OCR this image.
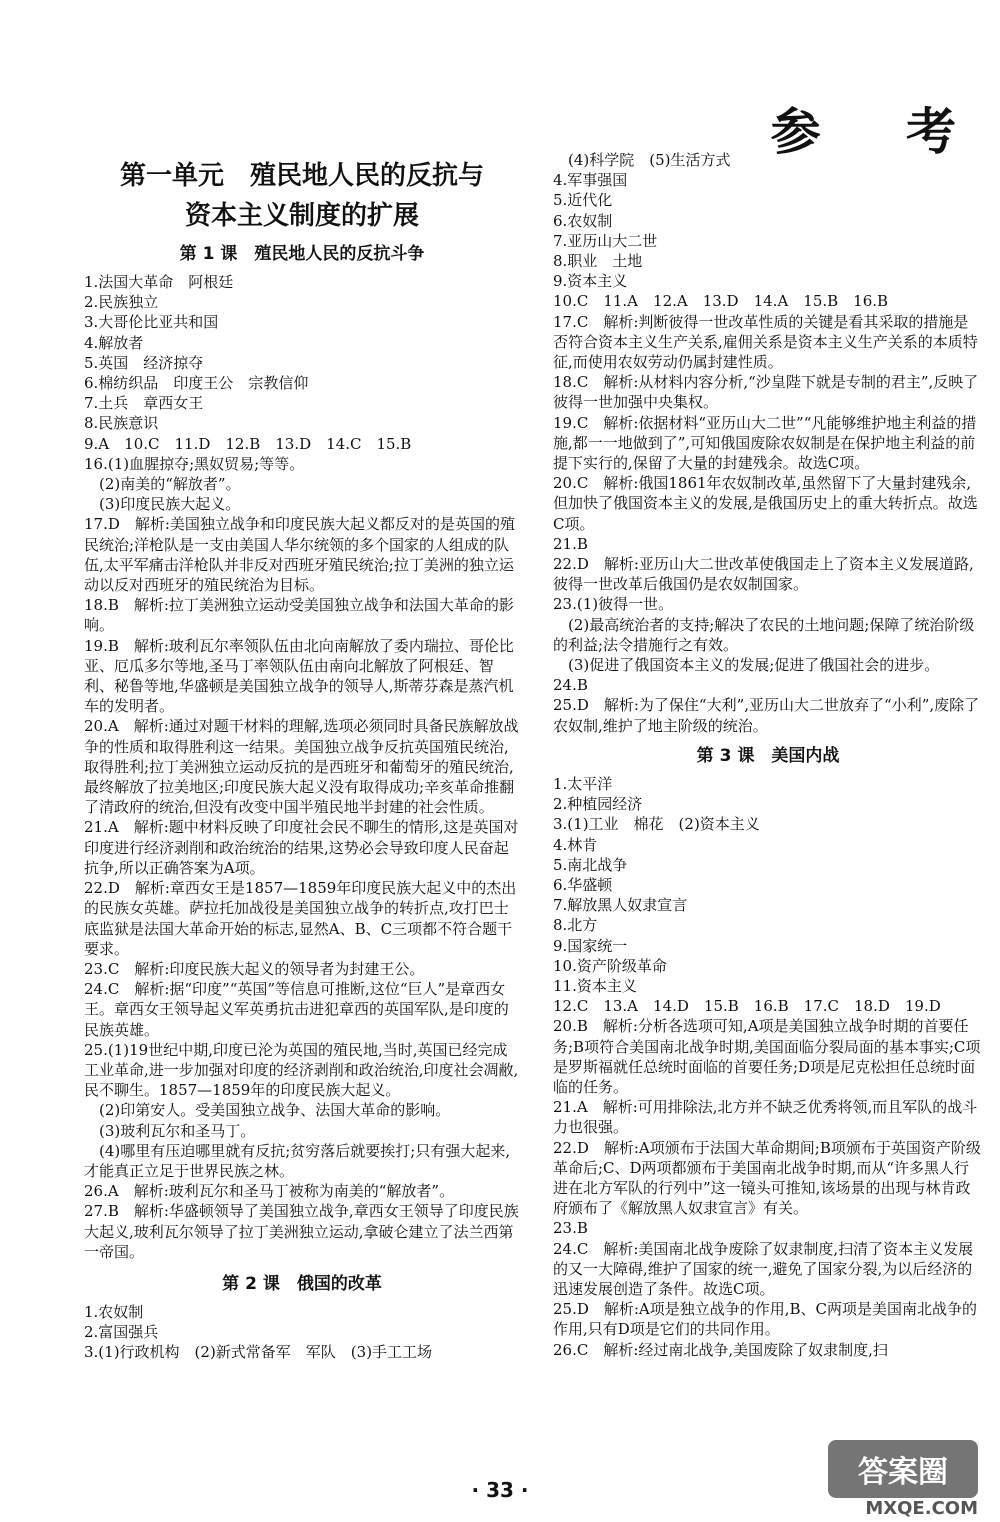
参 考
第一单元　殖民地人民的反抗与
资本主义制度的扩展
第 1 课　殖民地人民的反抗斗争
1.法国大革命　阿根廷
2.民族独立
3.大哥伦比亚共和国
4.解放者
5.英国　经济掠夺
6.棉纺织品　印度王公　宗教信仰
7.土兵　章西女王
8.民族意识
9.A　10.C　11.D　12.B　13.D　14.C　15.B
16.(1)血腥掠夺;黑奴贸易;等等。
　(2)南美的“解放者”。
　(3)印度民族大起义。
17.D　解析:美国独立战争和印度民族大起义都反对的是英国的殖民统治;洋枪队是一支由美国人华尔统领的多个国家的人组成的队伍,太平军痛击洋枪队并非反对西班牙殖民统治;拉丁美洲的独立运动以反对西班牙的殖民统治为目标。
18.B　解析:拉丁美洲独立运动受美国独立战争和法国大革命的影响。
19.B　解析:玻利瓦尔率领队伍由北向南解放了委内瑞拉、哥伦比亚、厄瓜多尔等地,圣马丁率领队伍由南向北解放了阿根廷、智利、秘鲁等地,华盛顿是美国独立战争的领导人,斯蒂芬森是蒸汽机车的发明者。
20.A　解析:通过对题干材料的理解,选项必须同时具备民族解放战争的性质和取得胜利这一结果。美国独立战争反抗英国殖民统治,取得胜利;拉丁美洲独立运动反抗的是西班牙和葡萄牙的殖民统治,最终解放了拉美地区;印度民族大起义没有取得成功;辛亥革命推翻了清政府的统治,但没有改变中国半殖民地半封建的社会性质。
21.A　解析:题中材料反映了印度社会民不聊生的情形,这是英国对印度进行经济剥削和政治统治的结果,这势必会导致印度人民奋起抗争,所以正确答案为A项。
22.D　解析:章西女王是1857—1859年印度民族大起义中的杰出的民族女英雄。萨拉托加战役是美国独立战争的转折点,攻打巴士底监狱是法国大革命开始的标志,显然A、B、C三项都不符合题干要求。
23.C　解析:印度民族大起义的领导者为封建王公。
24.C　解析:据“印度”“英国”等信息可推断,这位“巨人”是章西女王。章西女王领导起义军英勇抗击进犯章西的英国军队,是印度的民族英雄。
25.(1)19世纪中期,印度已沦为英国的殖民地,当时,英国已经完成工业革命,进一步加强对印度的经济剥削和政治统治,印度社会凋敝,民不聊生。1857—1859年的印度民族大起义。
　(2)印第安人。受美国独立战争、法国大革命的影响。
　(3)玻利瓦尔和圣马丁。
　(4)哪里有压迫哪里就有反抗;贫穷落后就要挨打;只有强大起来,才能真正立足于世界民族之林。
26.A　解析:玻利瓦尔和圣马丁被称为南美的“解放者”。
27.B　解析:华盛顿领导了美国独立战争,章西女王领导了印度民族大起义,玻利瓦尔领导了拉丁美洲独立运动,拿破仑建立了法兰西第一帝国。
第 2 课　俄国的改革
1.农奴制
2.富国强兵
3.(1)行政机构　(2)新式常备军　军队　(3)手工工场
　(4)科学院　(5)生活方式
4.军事强国
5.近代化
6.农奴制
7.亚历山大二世
8.职业　土地
9.资本主义
10.C　11.A　12.A　13.D　14.A　15.B　16.B
17.C　解析:判断彼得一世改革性质的关键是看其采取的措施是否符合资本主义生产关系,雇佣关系是资本主义生产关系的本质特征,而使用农奴劳动仍属封建性质。
18.C　解析:从材料内容分析,“沙皇陛下就是专制的君主”,反映了彼得一世加强中央集权。
19.C　解析:依据材料“亚历山大二世”“凡能够维护地主利益的措施,都一一地做到了”,可知俄国废除农奴制是在保护地主利益的前提下实行的,保留了大量的封建残余。故选C项。
20.C　解析:俄国1861年农奴制改革,虽然留下了大量封建残余,但加快了俄国资本主义的发展,是俄国历史上的重大转折点。故选C项。
21.B
22.D　解析:亚历山大二世改革使俄国走上了资本主义发展道路,彼得一世改革后俄国仍是农奴制国家。
23.(1)彼得一世。
　(2)最高统治者的支持;解决了农民的土地问题;保障了统治阶级的利益;法令措施行之有效。
　(3)促进了俄国资本主义的发展;促进了俄国社会的进步。
24.B
25.D　解析:为了保住“大利”,亚历山大二世放弃了“小利”,废除了农奴制,维护了地主阶级的统治。
第 3 课　美国内战
1.太平洋
2.种植园经济
3.(1)工业　棉花　(2)资本主义
4.林肯
5.南北战争
6.华盛顿
7.解放黑人奴隶宣言
8.北方
9.国家统一
10.资产阶级革命
11.资本主义
12.C　13.A　14.D　15.B　16.B　17.C　18.D　19.D
20.B　解析:分析各选项可知,A项是美国独立战争时期的首要任务;B项符合美国南北战争时期,美国面临分裂局面的基本事实;C项是罗斯福就任总统时面临的首要任务;D项是尼克松担任总统时面临的任务。
21.A　解析:可用排除法,北方并不缺乏优秀将领,而且军队的战斗力也很强。
22.D　解析:A项颁布于法国大革命期间;B项颁布于英国资产阶级革命后;C、D两项都颁布于美国南北战争时期,而从“许多黑人行进在北方军队的行列中”这一镜头可推知,该场景的出现与林肯政府颁布了《解放黑人奴隶宣言》有关。
23.B
24.C　解析:美国南北战争废除了奴隶制度,扫清了资本主义发展的又一大障碍,维护了国家的统一,避免了国家分裂,为以后经济的迅速发展创造了条件。故选C项。
25.D　解析:A项是独立战争的作用,B、C两项是美国南北战争的作用,只有D项是它们的共同作用。
26.C　解析:经过南北战争,美国废除了奴隶制度,扫
· 33 ·	答案圈
MXQE.COM
